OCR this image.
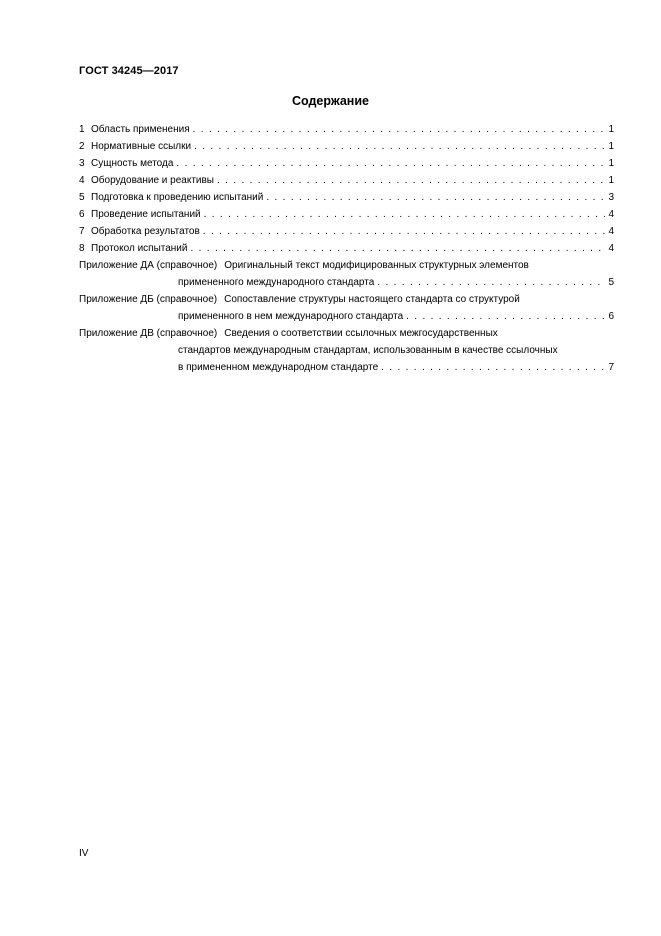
ГОСТ 34245—2017
Содержание
1 Область применения . . .	1
2 Нормативные ссылки . . .	1
3 Сущность метода . . .	1
4 Оборудование и реактивы . . .	1
5 Подготовка к проведению испытаний . . .	3
6 Проведение испытаний . . .	4
7 Обработка результатов . . .	4
8 Протокол испытаний . . .	4
Приложение ДА (справочное) Оригинальный текст модифицированных структурных элементов
примененного международного стандарта . . .	5
Приложение ДБ (справочное) Сопоставление структуры настоящего стандарта со структурой
примененного в нем международного стандарта . . .	6
Приложение ДВ (справочное) Сведения о соответствии ссылочных межгосударственных
стандартов международным стандартам, использованным в качестве ссылочных
в примененном международном стандарте . . .	7
IV
